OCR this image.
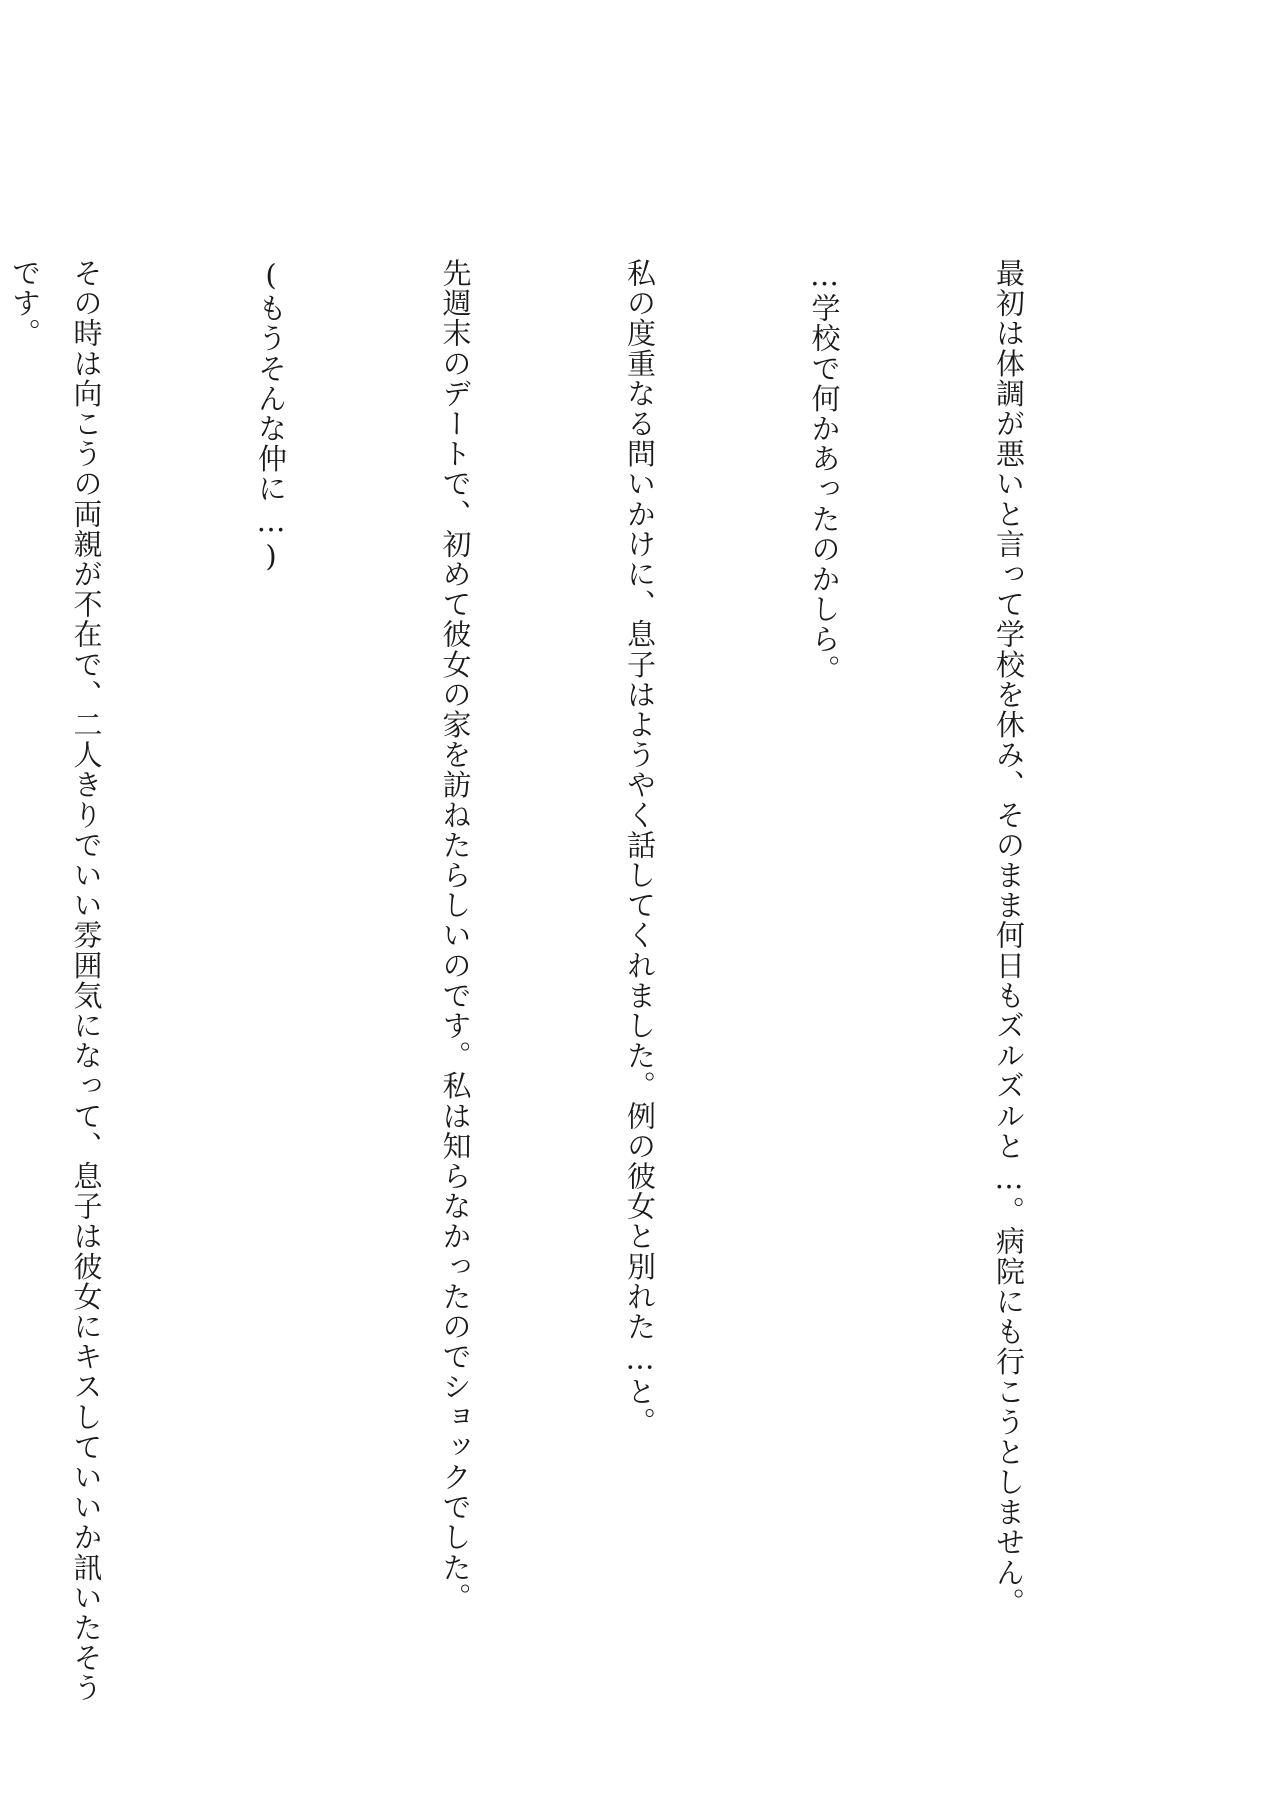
最初は体調が悪いと言って学校を休み、そのまま何日もズルズルと…。病院にも行こうとしません。

…学校で何かあったのかしら。

私の度重なる問いかけに、息子はようやく話してくれました。例の彼女と別れた…と。

先週末のデートで、初めて彼女の家を訪ねたらしいのです。私は知らなかったのでショックでした。

(もうそんな仲に…)

その時は向こうの両親が不在で、二人きりでいい雰囲気になって、息子は彼女にキスしていいか訊いたそうです。
